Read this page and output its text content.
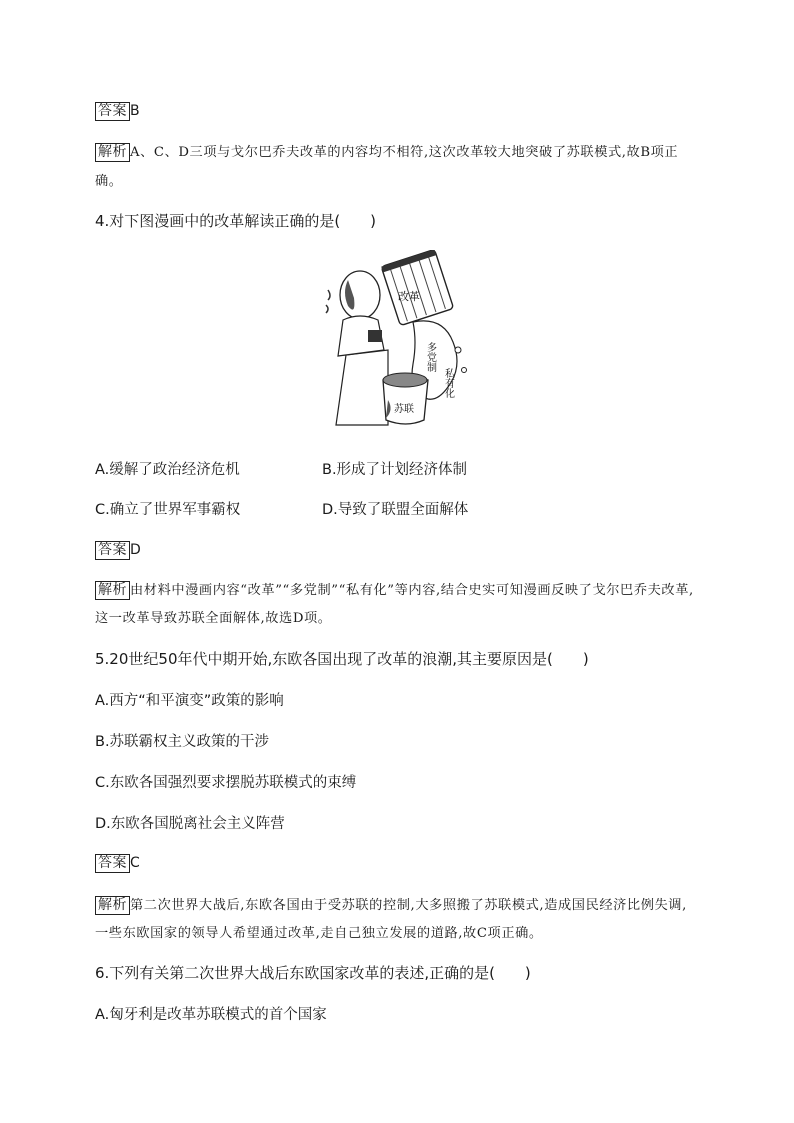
答案 B
解析 A、C、D三项与戈尔巴乔夫改革的内容均不相符,这次改革较大地突破了苏联模式,故B项正
确。
4.对下图漫画中的改革解读正确的是(　　)
改革
多党制
私有化
苏联
A.缓解了政治经济危机	B.形成了计划经济体制
C.确立了世界军事霸权	D.导致了联盟全面解体
答案 D
解析 由材料中漫画内容“改革”“多党制”“私有化”等内容,结合史实可知漫画反映了戈尔巴乔夫改革,
这一改革导致苏联全面解体,故选D项。
5.20世纪50年代中期开始,东欧各国出现了改革的浪潮,其主要原因是(　　)
A.西方“和平演变”政策的影响
B.苏联霸权主义政策的干涉
C.东欧各国强烈要求摆脱苏联模式的束缚
D.东欧各国脱离社会主义阵营
答案 C
解析 第二次世界大战后,东欧各国由于受苏联的控制,大多照搬了苏联模式,造成国民经济比例失调,
一些东欧国家的领导人希望通过改革,走自己独立发展的道路,故C项正确。
6.下列有关第二次世界大战后东欧国家改革的表述,正确的是(　　)
A.匈牙利是改革苏联模式的首个国家
